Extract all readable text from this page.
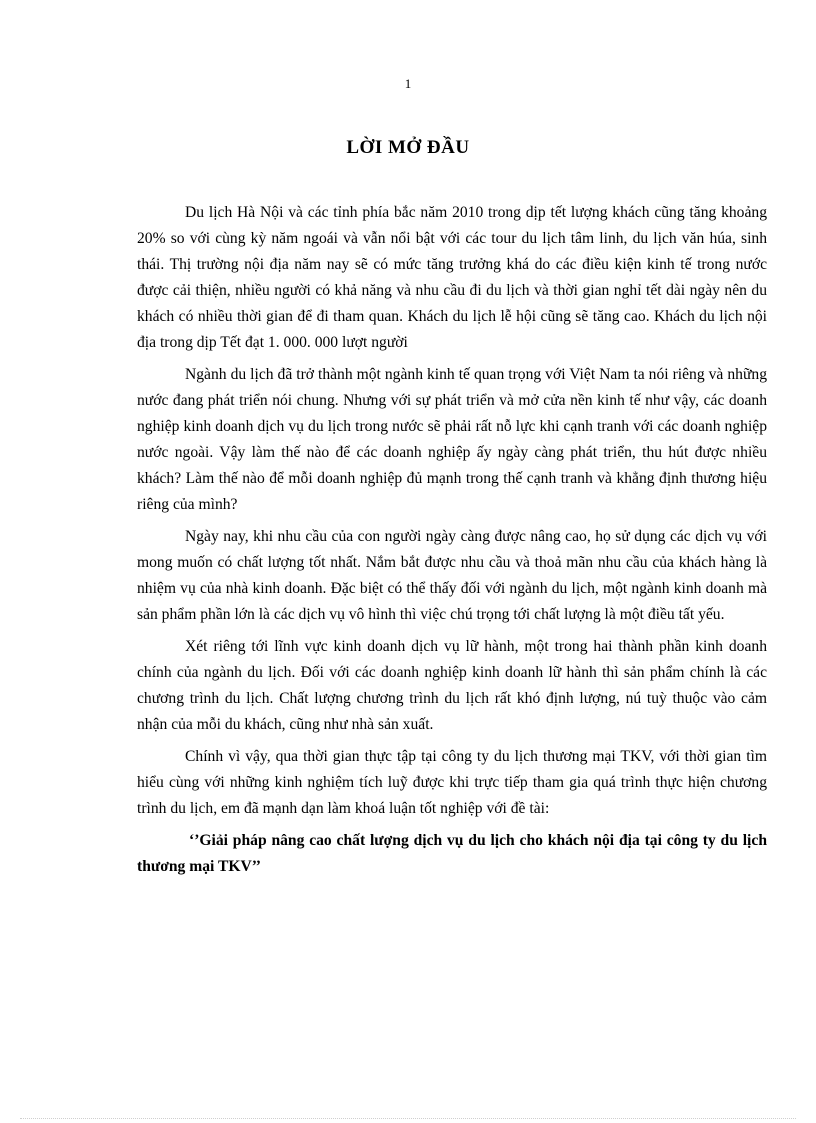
1
LỜI MỞ ĐẦU

Du lịch Hà Nội và các tỉnh phía bắc năm 2010 trong dịp tết lượng khách cũng tăng khoảng 20% so với cùng kỳ năm ngoái và vẫn nổi bật với các tour du lịch tâm linh, du lịch văn húa, sinh thái. Thị trường nội địa năm nay sẽ có mức tăng trưởng khá do các điều kiện kinh tế trong nước được cải thiện, nhiều người có khả năng và nhu cầu đi du lịch và thời gian nghỉ tết dài ngày nên du khách có nhiều thời gian để đi tham quan. Khách du lịch lễ hội cũng sẽ tăng cao. Khách du lịch nội địa trong dịp Tết đạt 1. 000. 000 lượt người

Ngành du lịch đã trở thành một ngành kinh tế quan trọng với Việt Nam ta nói riêng và những nước đang phát triển nói chung. Nhưng với sự phát triển và mở cửa nền kinh tế như vậy, các doanh nghiệp kinh doanh dịch vụ du lịch trong nước sẽ phải rất nỗ lực khi cạnh tranh với các doanh nghiệp nước ngoài. Vậy làm thế nào để các doanh nghiệp ấy ngày càng phát triển, thu hút được nhiều khách? Làm thế nào để mỗi doanh nghiệp đủ mạnh trong thế cạnh tranh và khẳng định thương hiệu riêng của mình?

Ngày nay, khi nhu cầu của con người ngày càng được nâng cao, họ sử dụng các dịch vụ với mong muốn có chất lượng tốt nhất. Nắm bắt được nhu cầu và thoả mãn nhu cầu của khách hàng là nhiệm vụ của nhà kinh doanh. Đặc biệt có thể thấy đối với ngành du lịch, một ngành kinh doanh mà sản phẩm phần lớn là các dịch vụ vô hình thì việc chú trọng tới chất lượng là một điều tất yếu.

Xét riêng tới lĩnh vực kinh doanh dịch vụ lữ hành, một trong hai thành phần kinh doanh chính của ngành du lịch. Đối với các doanh nghiệp kinh doanh lữ hành thì sản phẩm chính là các chương trình du lịch. Chất lượng chương trình du lịch rất khó định lượng, nú tuỳ thuộc vào cảm nhận của mỗi du khách, cũng như nhà sản xuất.

Chính vì vậy, qua thời gian thực tập tại công ty du lịch thương mại TKV, với thời gian tìm hiểu cùng với những kinh nghiệm tích luỹ được khi trực tiếp tham gia quá trình thực hiện chương trình du lịch, em đã mạnh dạn làm khoá luận tốt nghiệp với đề tài:

‘’Giải pháp nâng cao chất lượng dịch vụ du lịch cho khách nội địa tại công ty du lịch thương mại TKV’’
